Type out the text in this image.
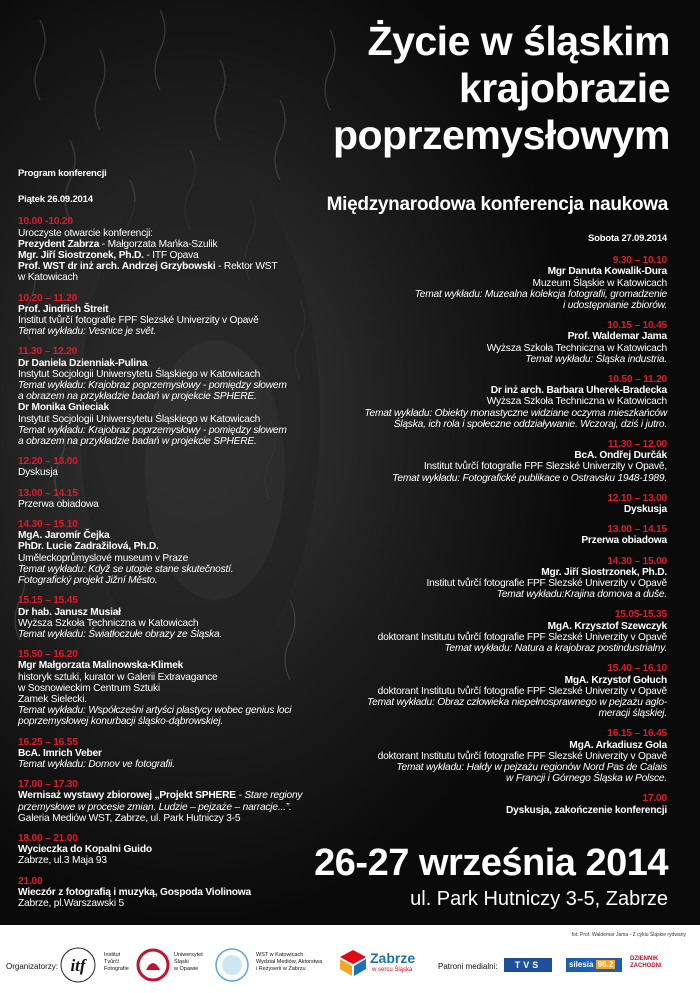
Życie w śląskim
krajobrazie
poprzemysłowym
Międzynarodowa konferencja naukowa
Program konferencji
Piątek 26.09.2014
10.00 -10.20
Uroczyste otwarcie konferencji:
Prezydent Zabrza - Małgorzata Mańka-Szulik
Mgr. Jiří Siostrzonek, Ph.D. - ITF Opava
Prof. WST dr inż arch. Andrzej Grzybowski - Rektor WST
w Katowicach
10.20 – 11.20
Prof. Jindřich Štreit
Institut tvůrčí fotografie FPF Slezské Univerzity v Opavě
Temat wykładu: Vesnice je svět.
11.30 – 12.20
Dr Daniela Dzienniak-Pulina
Instytut Socjologii Uniwersytetu Śląskiego w Katowicach
Temat wykładu: Krajobraz poprzemysłowy - pomiędzy słowem
a obrazem na przykładzie badań w projekcie SPHERE.
Dr Monika Gnieciak
Instytut Socjologii Uniwersytetu Śląskiego w Katowicach
Temat wykładu: Krajobraz poprzemysłowy - pomiędzy słowem
a obrazem na przykładzie badań w projekcie SPHERE.
12.20 – 13.00
Dyskusja
13.00 – 14.15
Przerwa obiadowa
14.30 – 15.10
MgA. Jaromír Čejka
PhDr. Lucie Zadražilová, Ph.D.
Uměleckoprůmyslové museum v Praze
Temat wykładu: Když se utopie stane skutečností.
Fotografický projekt Jižní Město.
15.15 – 15.45
Dr hab. Janusz Musiał
Wyższa Szkoła Techniczna w Katowicach
Temat wykładu: Światłoczułe obrazy ze Śląska.
15.50 – 16.20
Mgr Małgorzata Malinowska-Klimek
historyk sztuki, kurator w Galerii Extravagance
w Sosnowieckim Centrum Sztuki
Zamek Sielecki.
Temat wykładu: Współcześni artyści plastycy wobec genius loci
poprzemysłowej konurbacji śląsko-dąbrowskiej.
16.25 – 16.55
BcA. Imrich Veber
Temat wykładu: Domov ve fotografii.
17.00 – 17.30
Wernisaż wystawy zbiorowej „Projekt SPHERE - Stare regiony
przemysłowe w procesie zmian. Ludzie – pejzaże – narracje...”.
Galeria Mediów WST, Zabrze, ul. Park Hutniczy 3-5
18.00 – 21.00
Wycieczka do Kopalni Guido
Zabrze, ul.3 Maja 93
21.00
Wieczór z fotografią i muzyką, Gospoda Violinowa
Zabrze, pl.Warszawski 5
Sobota 27.09.2014
9.30 – 10.10
Mgr Danuta Kowalik-Dura
Muzeum Śląskie w Katowicach
Temat wykładu: Muzealna kolekcja fotografii, gromadzenie
i udostępnianie zbiorów.
10.15 – 10.45
Prof. Waldemar Jama
Wyższa Szkoła Techniczna w Katowicach
Temat wykładu: Śląska industria.
10.50 – 11.20
Dr inż arch. Barbara Uherek-Bradecka
Wyższa Szkoła Techniczna w Katowicach
Temat wykładu: Obiekty monastyczne widziane oczyma mieszkańców
Śląska, ich rola i społeczne oddziaływanie. Wczoraj, dziś i jutro.
11.30 – 12.00
BcA. Ondřej Durčák
Institut tvůrčí fotografie FPF Slezské Univerzity v Opavě,
Temat wykładu: Fotografické publikace o Ostravsku 1948-1989.
12.10 – 13.00
Dyskusja
13.00 – 14.15
Przerwa obiadowa
14.30 – 15.00
Mgr. Jiří Siostrzonek, Ph.D.
Institut tvůrčí fotografie FPF Slezské Univerzity v Opavě
Temat wykładu:Krajina domova a duše.
15.05-15.35
MgA. Krzysztof Szewczyk
doktorant Institutu tvůrčí fotografie FPF Slezské Univerzity v Opavě
Temat wykładu: Natura a krajobraz postindustrialny.
15.40 – 16.10
MgA. Krzystof Gołuch
doktorant Institutu tvůrčí fotografie FPF Slezské Univerzity v Opavě
Temat wykładu: Obraz człowieka niepełnosprawnego w pejzażu aglo-
meracji śląskiej.
16.15 – 16.45
MgA. Arkadiusz Gola
doktorant Institutu tvůrčí fotografie FPF Slezské Univerzity v Opavě
Temat wykładu: Hałdy w pejzażu regionów Nord Pas de Calais
w Francji i Górnego Śląska w Polsce.
17.00
Dyskusja, zakończenie konferencji
26-27 września 2014
ul. Park Hutniczy 3-5, Zabrze
fot. Prof. Waldemar Jama - Z cyklu Śląskie rydwany
Organizatorzy: itf
Institut
Tvůrčí
Fotografie
Uniwersytet
Śląski
w Opawie
WST w Katowicach
Wydział Mediów, Aktorstwa
i Reżyserii w Zabrzu
Zabrze
w sercu Śląska	Patroni medialni:	TVS	silesia 96.2
DZIENNIK
ZACHODNI
